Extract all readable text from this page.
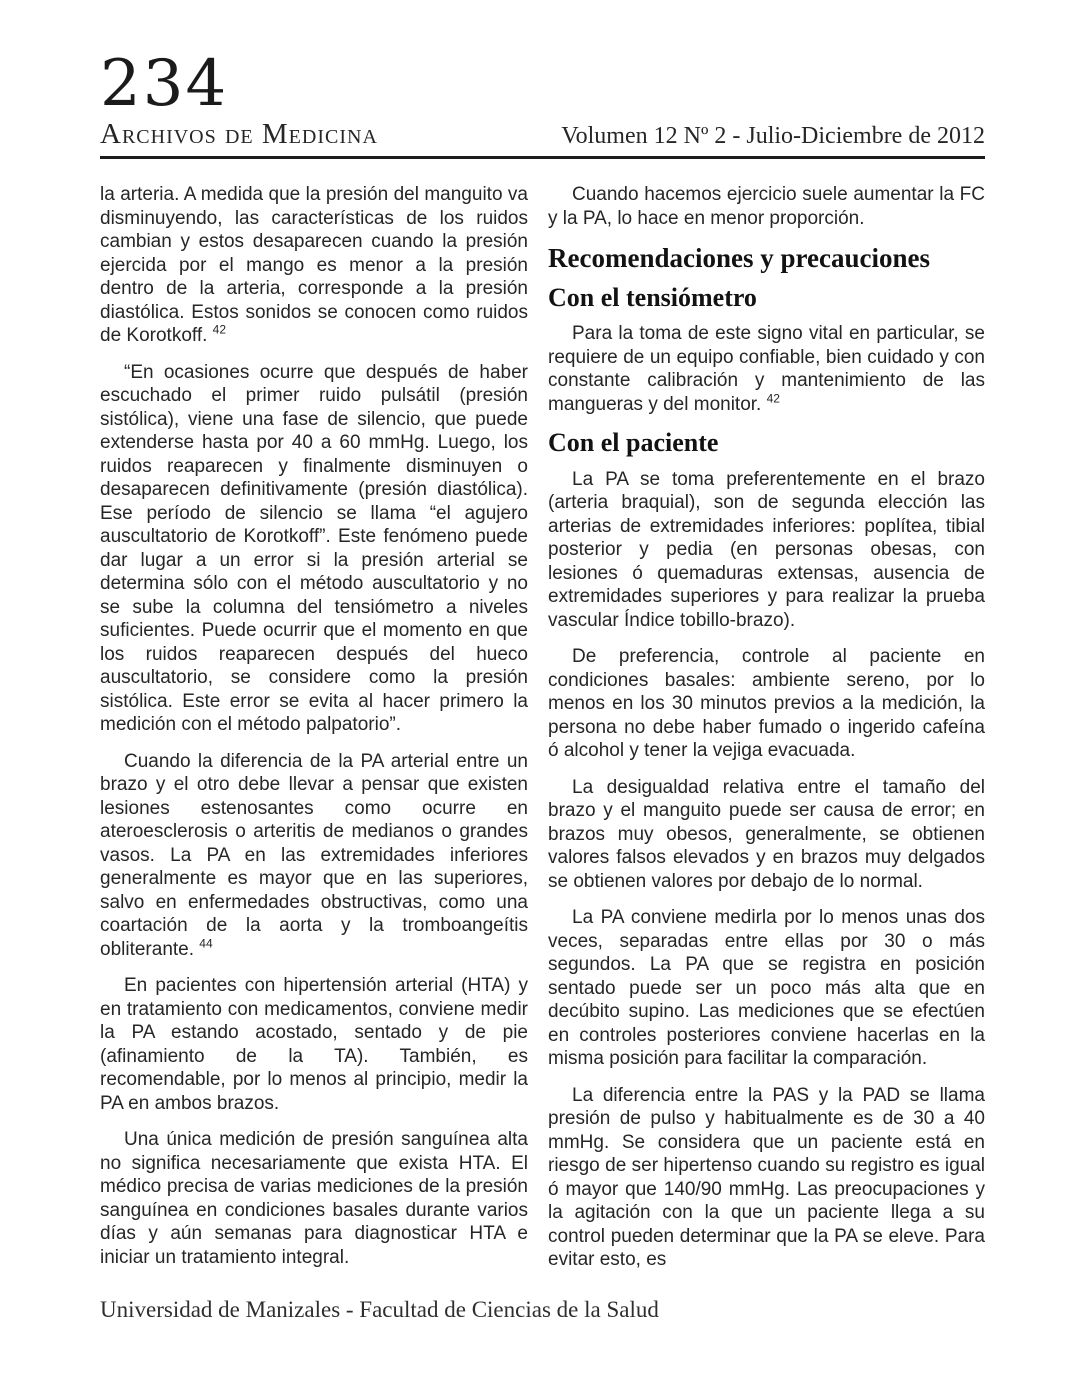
234
Archivos de Medicina	Volumen 12 Nº 2 - Julio-Diciembre de 2012

la arteria. A medida que la presión del manguito va disminuyendo, las características de los ruidos cambian y estos desaparecen cuando la presión ejercida por el mango es menor a la presión dentro de la arteria, corresponde a la presión diastólica. Estos sonidos se conocen como ruidos de Korotkoff. $^{42}$

“En ocasiones ocurre que después de haber escuchado el primer ruido pulsátil (presión sistólica), viene una fase de silencio, que puede extenderse hasta por 40 a 60 mmHg. Luego, los ruidos reaparecen y finalmente disminuyen o desaparecen definitivamente (presión diastólica). Ese período de silencio se llama “el agujero auscultatorio de Korotkoff”. Este fenómeno puede dar lugar a un error si la presión arterial se determina sólo con el método auscultatorio y no se sube la columna del tensiómetro a niveles suficientes. Puede ocurrir que el momento en que los ruidos reaparecen después del hueco auscultatorio, se considere como la presión sistólica. Este error se evita al hacer primero la medición con el método palpatorio”.

Cuando la diferencia de la PA arterial entre un brazo y el otro debe llevar a pensar que existen lesiones estenosantes como ocurre en ateroesclerosis o arteritis de medianos o grandes vasos. La PA en las extremidades inferiores generalmente es mayor que en las superiores, salvo en enfermedades obstructivas, como una coartación de la aorta y la tromboangeítis obliterante. $^{44}$

En pacientes con hipertensión arterial (HTA) y en tratamiento con medicamentos, conviene medir la PA estando acostado, sentado y de pie (afinamiento de la TA). También, es recomendable, por lo menos al principio, medir la PA en ambos brazos.

Una única medición de presión sanguínea alta no significa necesariamente que exista HTA. El médico precisa de varias mediciones de la presión sanguínea en condiciones basales durante varios días y aún semanas para diagnosticar HTA e iniciar un tratamiento integral.

Cuando hacemos ejercicio suele aumentar la FC y la PA, lo hace en menor proporción.

Recomendaciones y precauciones
Con el tensiómetro

Para la toma de este signo vital en particular, se requiere de un equipo confiable, bien cuidado y con constante calibración y mantenimiento de las mangueras y del monitor. $^{42}$

Con el paciente

La PA se toma preferentemente en el brazo (arteria braquial), son de segunda elección las arterias de extremidades inferiores: poplítea, tibial posterior y pedia (en personas obesas, con lesiones ó quemaduras extensas, ausencia de extremidades superiores y para realizar la prueba vascular Índice tobillo-brazo).

De preferencia, controle al paciente en condiciones basales: ambiente sereno, por lo menos en los 30 minutos previos a la medición, la persona no debe haber fumado o ingerido cafeína ó alcohol y tener la vejiga evacuada.

La desigualdad relativa entre el tamaño del brazo y el manguito puede ser causa de error; en brazos muy obesos, generalmente, se obtienen valores falsos elevados y en brazos muy delgados se obtienen valores por debajo de lo normal.

La PA conviene medirla por lo menos unas dos veces, separadas entre ellas por 30 o más segundos. La PA que se registra en posición sentado puede ser un poco más alta que en decúbito supino. Las mediciones que se efectúen en controles posteriores conviene hacerlas en la misma posición para facilitar la comparación.

La diferencia entre la PAS y la PAD se llama presión de pulso y habitualmente es de 30 a 40 mmHg. Se considera que un paciente está en riesgo de ser hipertenso cuando su registro es igual ó mayor que 140/90 mmHg. Las preocupaciones y la agitación con la que un paciente llega a su control pueden determinar que la PA se eleve. Para evitar esto, es

Universidad de Manizales - Facultad de Ciencias de la Salud
